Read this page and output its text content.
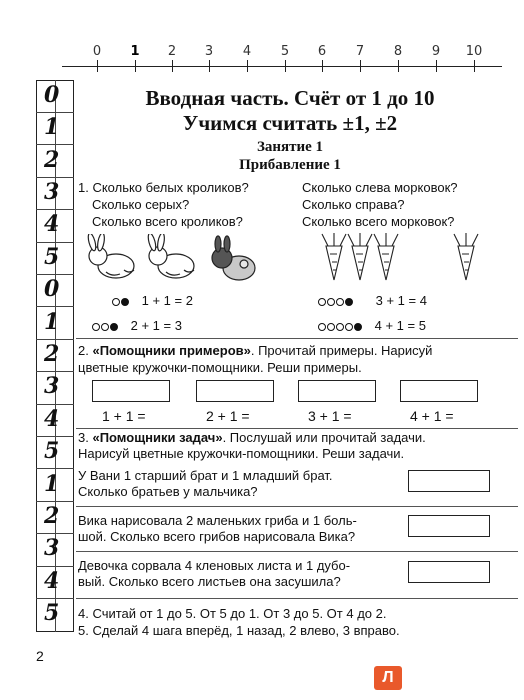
0	1	2	3	4	5	6	7	8	9	10
0
1
2
3
4
5
0
1
2
3
4
5
1
2
3
4
5
Вводная часть. Счёт от 1 до 10
Учимся считать ±1, ±2
Занятие 1
Прибавление 1
1. Сколько белых кроликов?
Сколько серых?
Сколько всего кроликов?
Сколько слева морковок?
Сколько справа?
Сколько всего морковок?
1 + 1 = 2
2 + 1 = 3
3 + 1 = 4
4 + 1 = 5
2. «Помощники примеров». Прочитай примеры. Нарисуй
цветные кружочки-помощники. Реши примеры.
1 + 1 =	2 + 1 =	3 + 1 =	4 + 1 =
3. «Помощники задач». Послушай или прочитай задачи.
Нарисуй цветные кружочки-помощники. Реши задачи.
У Вани 1 старший брат и 1 младший брат.
Сколько братьев у мальчика?
Вика нарисовала 2 маленьких гриба и 1 боль-
шой. Сколько всего грибов нарисовала Вика?
Девочка сорвала 4 кленовых листа и 1 дубо-
вый. Сколько всего листьев она засушила?
4. Считай от 1 до 5. От 5 до 1. От 3 до 5. От 4 до 2.
5. Сделай 4 шага вперёд, 1 назад, 2 влево, 3 вправо.
2
Л
